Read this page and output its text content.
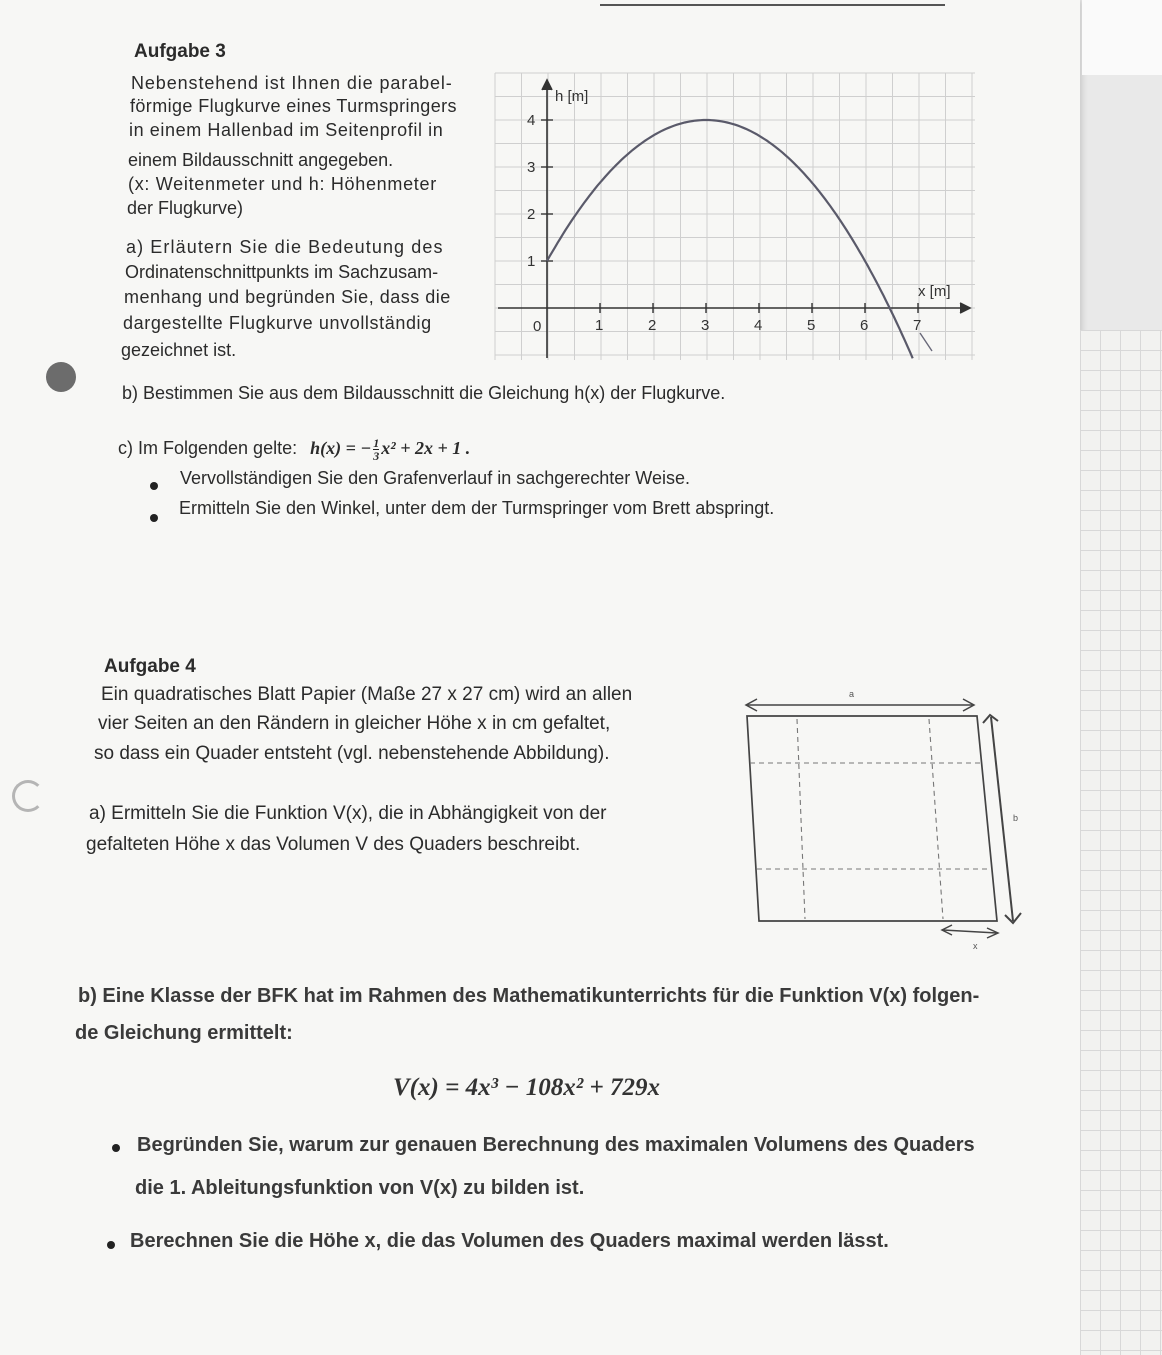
Aufgabe 3
Nebenstehend ist Ihnen die parabel-
förmige Flugkurve eines Turmspringers
in einem Hallenbad im Seitenprofil in
einem Bildausschnitt angegeben.
(x: Weitenmeter und h: Höhenmeter
der Flugkurve)
a) Erläutern Sie die Bedeutung des
Ordinatenschnittpunkts im Sachzusam-
menhang und begründen Sie, dass die
dargestellte Flugkurve unvollständig
gezeichnet ist.
h [m]
x [m]
0	1	2	3	4	5	6	7
1
2
3
4
b) Bestimmen Sie aus dem Bildausschnitt die Gleichung h(x) der Flugkurve.
c) Im Folgenden gelte: h(x) = − $\frac{1}{3} x^2 + 2x + 1$ .
Vervollständigen Sie den Grafenverlauf in sachgerechter Weise.
Ermitteln Sie den Winkel, unter dem der Turmspringer vom Brett abspringt.
Aufgabe 4
Ein quadratisches Blatt Papier (Maße 27 x 27 cm) wird an allen
vier Seiten an den Rändern in gleicher Höhe x in cm gefaltet,
so dass ein Quader entsteht (vgl. nebenstehende Abbildung).
a) Ermitteln Sie die Funktion V(x), die in Abhängigkeit von der
gefalteten Höhe x das Volumen V des Quaders beschreibt.
a
b
x
b) Eine Klasse der BFK hat im Rahmen des Mathematikunterrichts für die Funktion V(x) folgen-
de Gleichung ermittelt:
V(x) = 4x³ − 108x² + 729x
Begründen Sie, warum zur genauen Berechnung des maximalen Volumens des Quaders
die 1. Ableitungsfunktion von V(x) zu bilden ist.
Berechnen Sie die Höhe x, die das Volumen des Quaders maximal werden lässt.
